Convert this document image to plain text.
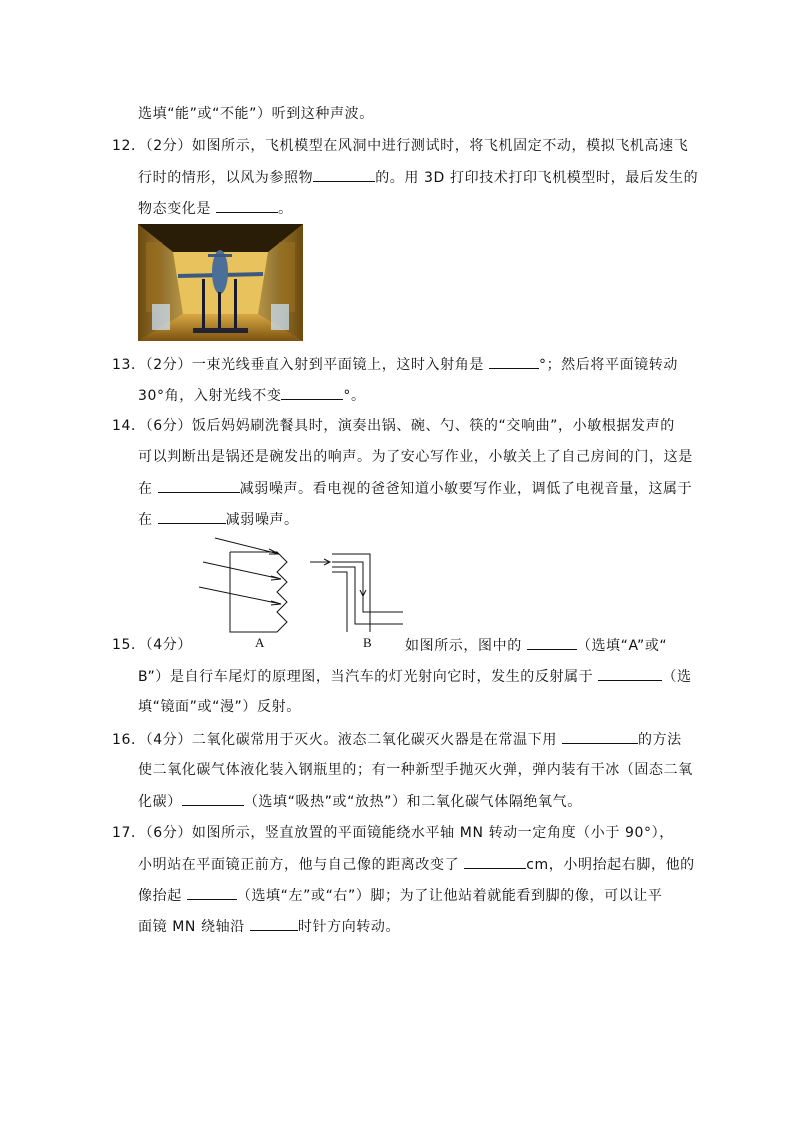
选填“能”或“不能”）听到这种声波。
12．（2分）如图所示，飞机模型在风洞中进行测试时，将飞机固定不动，模拟飞机高速飞
行时的情形，以风为参照物	的。用 3D 打印技术打印飞机模型时，最后发生的
物态变化是	。
13．（2分）一束光线垂直入射到平面镜上，这时入射角是	°；然后将平面镜转动
30°角，入射光线不变	°。
14．（6分）饭后妈妈刷洗餐具时，演奏出锅、碗、勺、筷的“交响曲”，小敏根据发声的
可以判断出是锅还是碗发出的响声。为了安心写作业，小敏关上了自己房间的门，这是
在	减弱噪声。看电视的爸爸知道小敏要写作业，调低了电视音量，这属于
在	减弱噪声。
A	B
15．（4分）	如图所示，图中的	（选填“A”或“
B”）是自行车尾灯的原理图，当汽车的灯光射向它时，发生的反射属于	（选
填“镜面”或“漫”）反射。
16．（4分）二氧化碳常用于灭火。液态二氧化碳灭火器是在常温下用	的方法
使二氧化碳气体液化装入钢瓶里的；有一种新型手抛灭火弹，弹内装有干冰（固态二氧
化碳）	（选填“吸热”或“放热”）和二氧化碳气体隔绝氧气。
17．（6分）如图所示，竖直放置的平面镜能绕水平轴 MN 转动一定角度（小于 90°），
小明站在平面镜正前方，他与自己像的距离改变了	cm，小明抬起右脚，他的
像抬起	（选填“左”或“右”）脚；为了让他站着就能看到脚的像，可以让平
面镜 MN 绕轴沿	时针方向转动。
